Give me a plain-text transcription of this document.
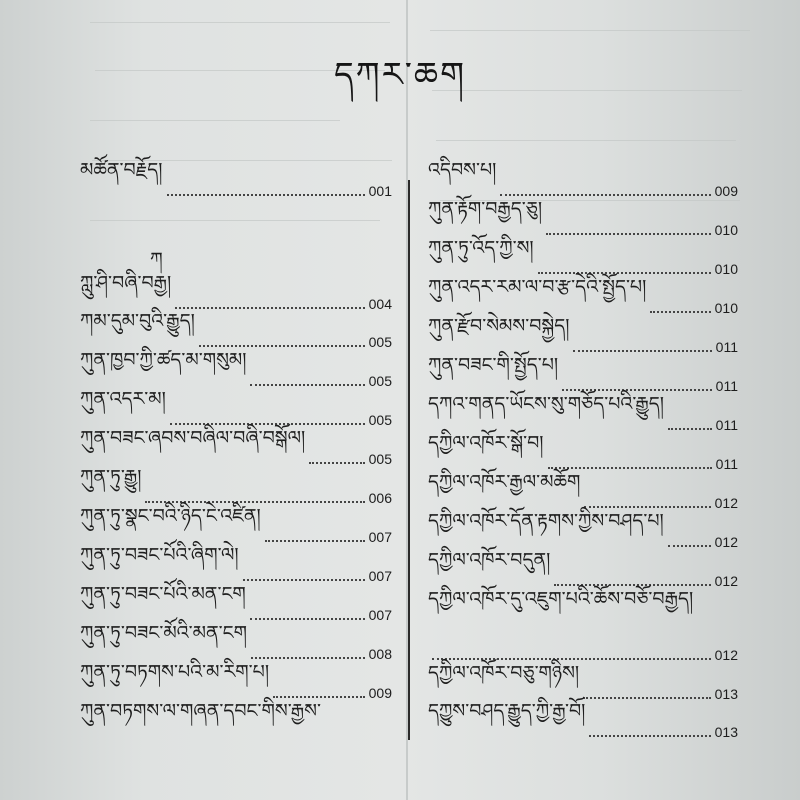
དཀར་ཆག
ཀ
མཚོན་བརྗོད།
001
ཀླུ་ཤི་བཞི་བརྒྱ།
004
ཀམ་དུམ་བུའི་རྒྱུད།
005
ཀུན་ཁྱབ་ཀྱི་ཚད་མ་གསུམ།
005
ཀུན་འདར་མ།
005
ཀུན་བཟང་ཞབས་བཞིལ་བཞི་བསྒོལ།
005
ཀུན་ཏུ་རྒྱུ།
006
ཀུན་ཏུ་སྣང་བའི་ཉིད་ངེ་འཛིན།
007
ཀུན་ཏུ་བཟང་པོའི་ཞིག་ལེ།
007
ཀུན་ཏུ་བཟང་པོའི་མན་ངག
007
ཀུན་ཏུ་བཟང་མོའི་མན་ངག
008
ཀུན་ཏུ་བཏགས་པའི་མ་རིག་པ།
009
ཀུན་བཏགས་ལ་གཞན་དབང་གིས་རྒྱས་
འདིབས་པ།
009
ཀུན་རྟོག་བརྒྱད་ཅུ།
010
ཀུན་ཏུ་འོད་ཀྱི་ས།
010
ཀུན་འདར་རམ་ལ་བ་རྩ་དེའི་སྤྱོད་པ།
010
ཀུན་རྫོབ་སེམས་བསྐྱེད།
011
ཀུན་བཟང་གི་སྤྱོད་པ།
011
དཀའ་གནད་ཡོངས་སུ་གཅོད་པའི་རྒྱུད།
011
དཀྱིལ་འཁོར་སྒོ་བ།
011
དཀྱིལ་འཁོར་རྒྱལ་མཆོག
012
དཀྱིལ་འཁོར་དོན་རྟགས་ཀྱིས་བཤད་པ།
012
དཀྱིལ་འཁོར་བདུན།
012
དཀྱིལ་འཁོར་དུ་འཇུག་པའི་ཆོས་བཅོ་བརྒྱད།
012
དཀྱིལ་འཁོར་བཅུ་གཉིས།
013
དཀྱུས་བཤད་རྒྱུད་ཀྱི་རྒྱ་བོ།
013
